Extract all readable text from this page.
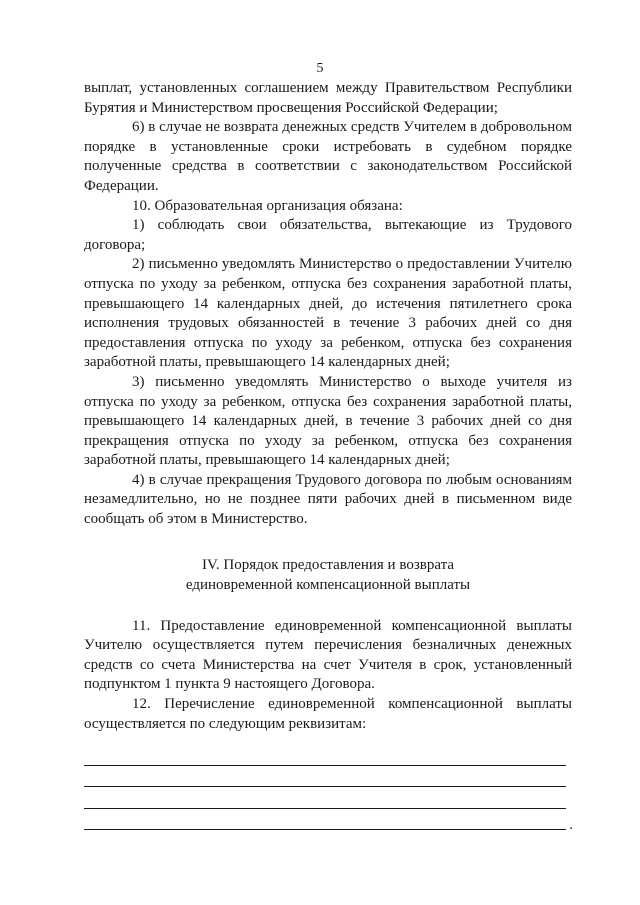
5

выплат, установленных соглашением между Правительством Республики Бурятия и Министерством просвещения Российской Федерации;

6) в случае не возврата денежных средств Учителем в добровольном порядке в установленные сроки истребовать в судебном порядке полученные средства в соответствии с законодательством Российской Федерации.

10. Образовательная организация обязана:

1) соблюдать свои обязательства, вытекающие из Трудового договора;

2) письменно уведомлять Министерство о предоставлении Учителю отпуска по уходу за ребенком, отпуска без сохранения заработной платы, превышающего 14 календарных дней, до истечения пятилетнего срока исполнения трудовых обязанностей в течение 3 рабочих дней со дня предоставления отпуска по уходу за ребенком, отпуска без сохранения заработной платы, превышающего 14 календарных дней;

3) письменно уведомлять Министерство о выходе учителя из отпуска по уходу за ребенком, отпуска без сохранения заработной платы, превышающего 14 календарных дней, в течение 3 рабочих дней со дня прекращения отпуска по уходу за ребенком, отпуска без сохранения заработной платы, превышающего 14 календарных дней;

4) в случае прекращения Трудового договора по любым основаниям незамедлительно, но не позднее пяти рабочих дней в письменном виде сообщать об этом в Министерство.

IV. Порядок предоставления и возврата

единовременной компенсационной выплаты

11. Предоставление единовременной компенсационной выплаты Учителю осуществляется путем перечисления безналичных денежных средств со счета Министерства на счет Учителя в срок, установленный подпунктом 1 пункта 9 настоящего Договора.

12. Перечисление единовременной компенсационной выплаты осуществляется по следующим реквизитам:

.
